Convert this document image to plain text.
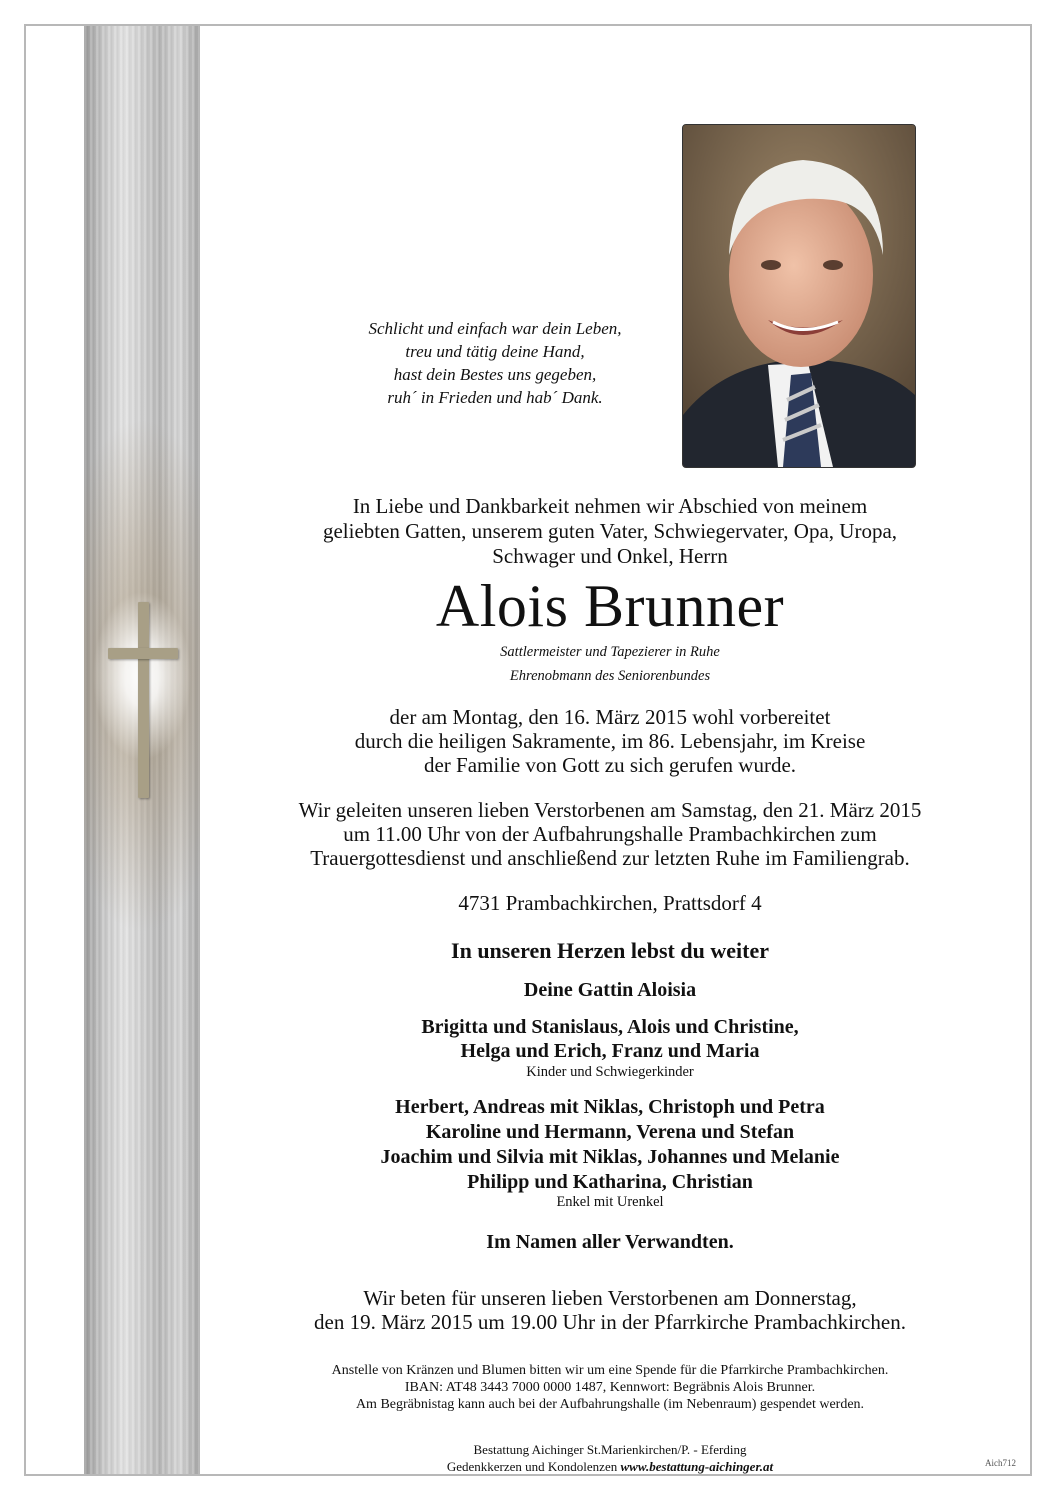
Schlicht und einfach war dein Leben,
treu und tätig deine Hand,
hast dein Bestes uns gegeben,
ruh´ in Frieden und hab´ Dank.
In Liebe und Dankbarkeit nehmen wir Abschied von meinem
geliebten Gatten, unserem guten Vater, Schwiegervater, Opa, Uropa,
Schwager und Onkel, Herrn
Alois Brunner
Sattlermeister und Tapezierer in Ruhe
Ehrenobmann des Seniorenbundes
der am Montag, den 16. März 2015 wohl vorbereitet
durch die heiligen Sakramente, im 86. Lebensjahr, im Kreise
der Familie von Gott zu sich gerufen wurde.
Wir geleiten unseren lieben Verstorbenen am Samstag, den 21. März 2015
um 11.00 Uhr von der Aufbahrungshalle Prambachkirchen zum
Trauergottesdienst und anschließend zur letzten Ruhe im Familiengrab.
4731 Prambachkirchen, Prattsdorf 4
In unseren Herzen lebst du weiter
Deine Gattin Aloisia
Brigitta und Stanislaus, Alois und Christine,
Helga und Erich, Franz und Maria
Kinder und Schwiegerkinder
Herbert, Andreas mit Niklas, Christoph und Petra
Karoline und Hermann, Verena und Stefan
Joachim und Silvia mit Niklas, Johannes und Melanie
Philipp und Katharina, Christian
Enkel mit Urenkel
Im Namen aller Verwandten.
Wir beten für unseren lieben Verstorbenen am Donnerstag,
den 19. März 2015 um 19.00 Uhr in der Pfarrkirche Prambachkirchen.
Anstelle von Kränzen und Blumen bitten wir um eine Spende für die Pfarrkirche Prambachkirchen.
IBAN: AT48 3443 7000 0000 1487, Kennwort: Begräbnis Alois Brunner.
Am Begräbnistag kann auch bei der Aufbahrungshalle (im Nebenraum) gespendet werden.
Bestattung Aichinger St.Marienkirchen/P. - Eferding
Gedenkkerzen und Kondolenzen www.bestattung-aichinger.at	Aich712
